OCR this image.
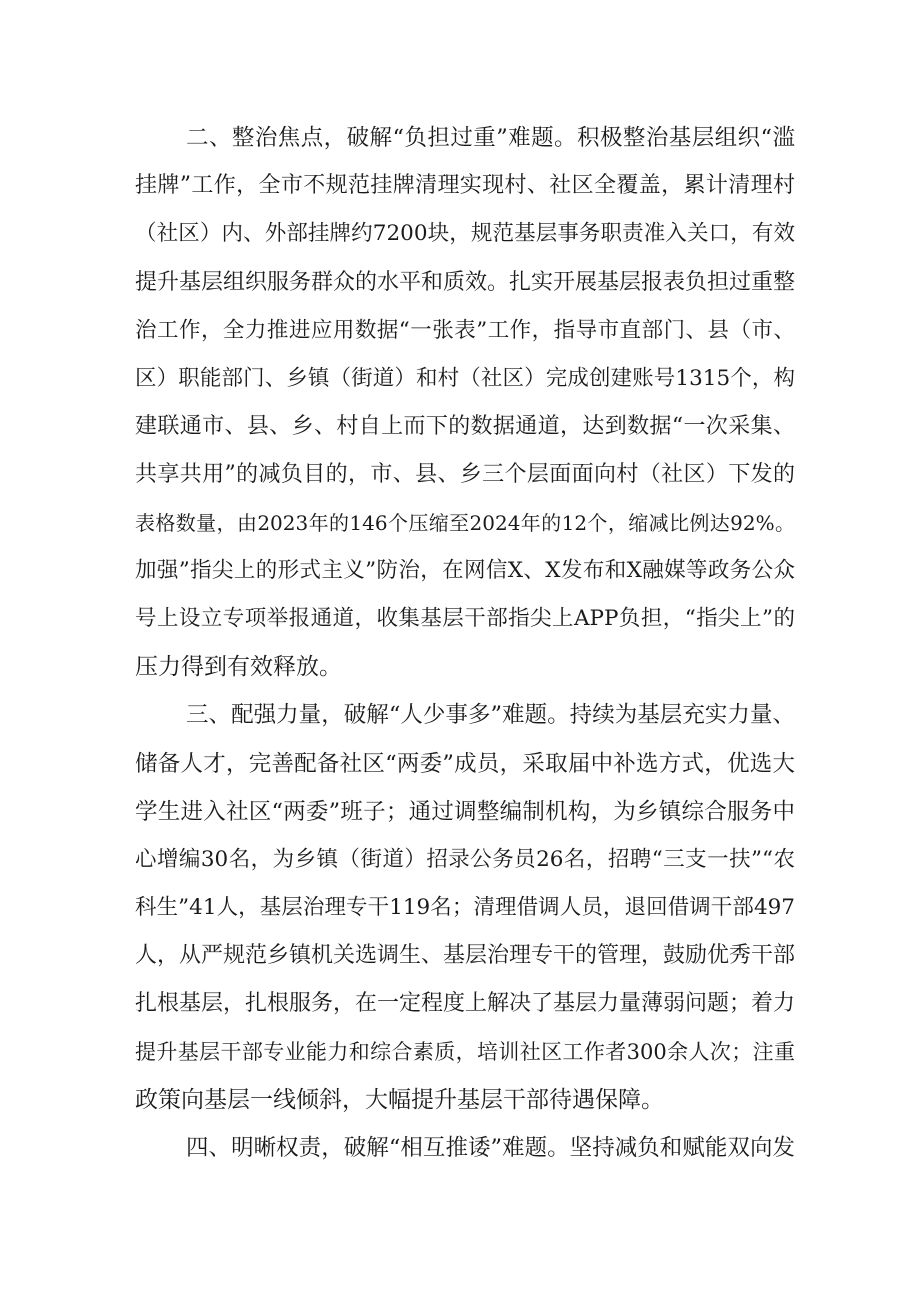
二、整治焦点，破解“负担过重”难题。积极整治基层组织“滥
挂牌”工作，全市不规范挂牌清理实现村、社区全覆盖，累计清理村
（社区）内、外部挂牌约7200块，规范基层事务职责准入关口，有效
提升基层组织服务群众的水平和质效。扎实开展基层报表负担过重整
治工作，全力推进应用数据“一张表”工作，指导市直部门、县（市、
区）职能部门、乡镇（街道）和村（社区）完成创建账号1315个，构
建联通市、县、乡、村自上而下的数据通道，达到数据“一次采集、
共享共用”的减负目的，市、县、乡三个层面面向村（社区）下发的
表格数量，由2023年的146个压缩至2024年的12个，缩减比例达92%。
加强”指尖上的形式主义”防治，在网信X、X发布和X融媒等政务公众
号上设立专项举报通道，收集基层干部指尖上APP负担，“指尖上”的
压力得到有效释放。
三、配强力量，破解“人少事多”难题。持续为基层充实力量、
储备人才，完善配备社区“两委”成员，采取届中补选方式，优选大
学生进入社区“两委”班子；通过调整编制机构，为乡镇综合服务中
心增编30名，为乡镇（街道）招录公务员26名，招聘“三支一扶”“农
科生”41人，基层治理专干119名；清理借调人员，退回借调干部497
人，从严规范乡镇机关选调生、基层治理专干的管理，鼓励优秀干部
扎根基层，扎根服务，在一定程度上解决了基层力量薄弱问题；着力
提升基层干部专业能力和综合素质，培训社区工作者300余人次；注重
政策向基层一线倾斜，大幅提升基层干部待遇保障。
四、明晰权责，破解“相互推诿”难题。坚持减负和赋能双向发
